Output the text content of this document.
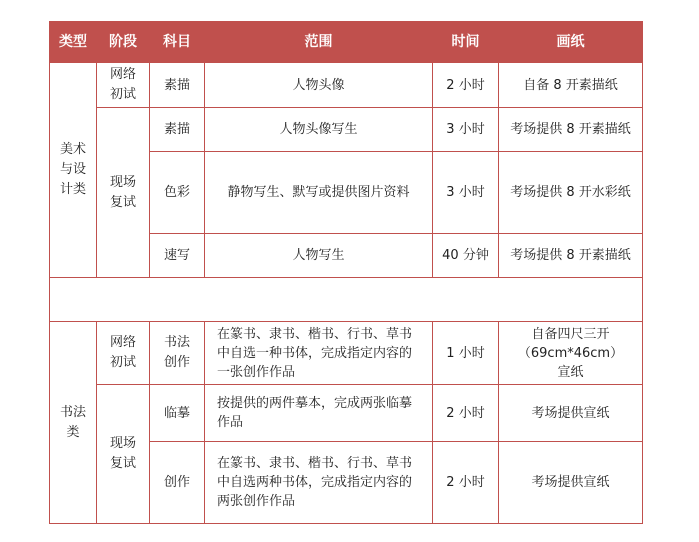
类型	阶段	科目	范围	时间	画纸
美术与设计类	网络初试	素描	人物头像	2 小时	自备 8 开素描纸
	现场复试	素描	人物头像写生	3 小时	考场提供 8 开素描纸
		色彩	静物写生、默写或提供图片资料	3 小时	考场提供 8 开水彩纸
		速写	人物写生	40 分钟	考场提供 8 开素描纸

书法类	网络初试	书法创作	在篆书、隶书、楷书、行书、草书中自选一种书体，完成指定内容的一张创作作品	1 小时	自备四尺三开（69cm*46cm）宣纸
	现场复试	临摹	按提供的两件摹本，完成两张临摹作品	2 小时	考场提供宣纸
		创作	在篆书、隶书、楷书、行书、草书中自选两种书体，完成指定内容的两张创作作品	2 小时	考场提供宣纸
